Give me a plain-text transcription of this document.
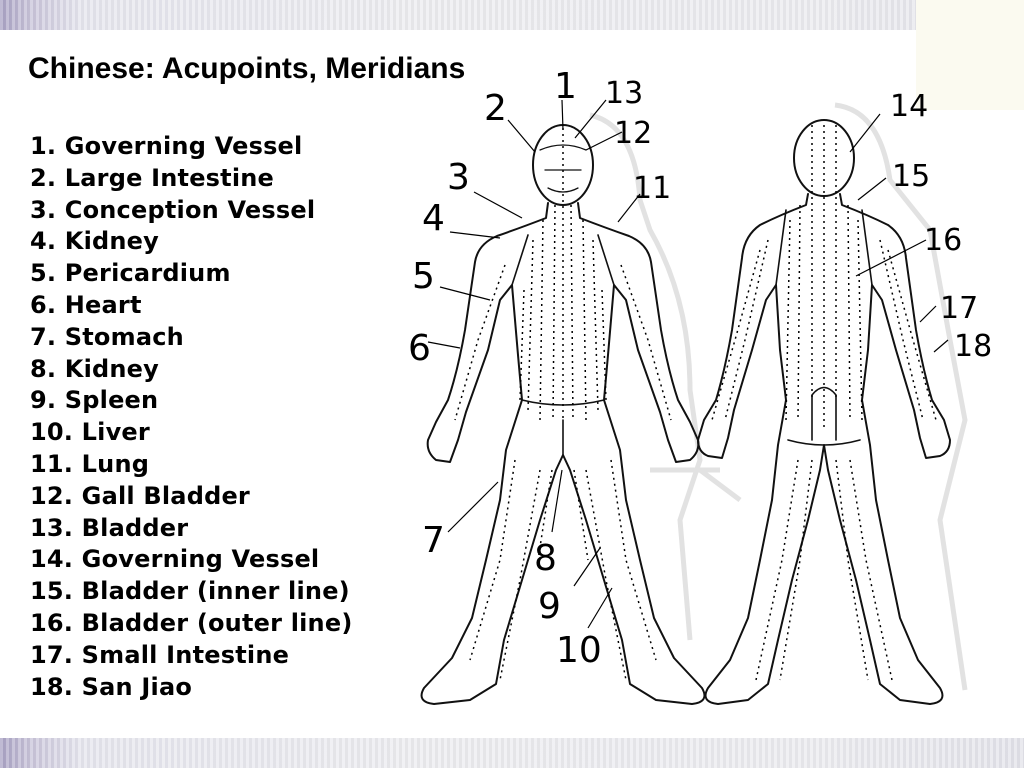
Chinese: Acupoints, Meridians
1. Governing Vessel
2. Large Intestine
3. Conception Vessel
4. Kidney
5. Pericardium
6. Heart
7. Stomach
8. Kidney
9. Spleen
10. Liver
11. Lung
12. Gall Bladder
13. Bladder
14. Governing Vessel
15. Bladder (inner line)
16. Bladder (outer line)
17. Small Intestine
18. San Jiao
1
2	13
12
3	11
4
5
6
7 8
9
10
14
15
16
17
18
